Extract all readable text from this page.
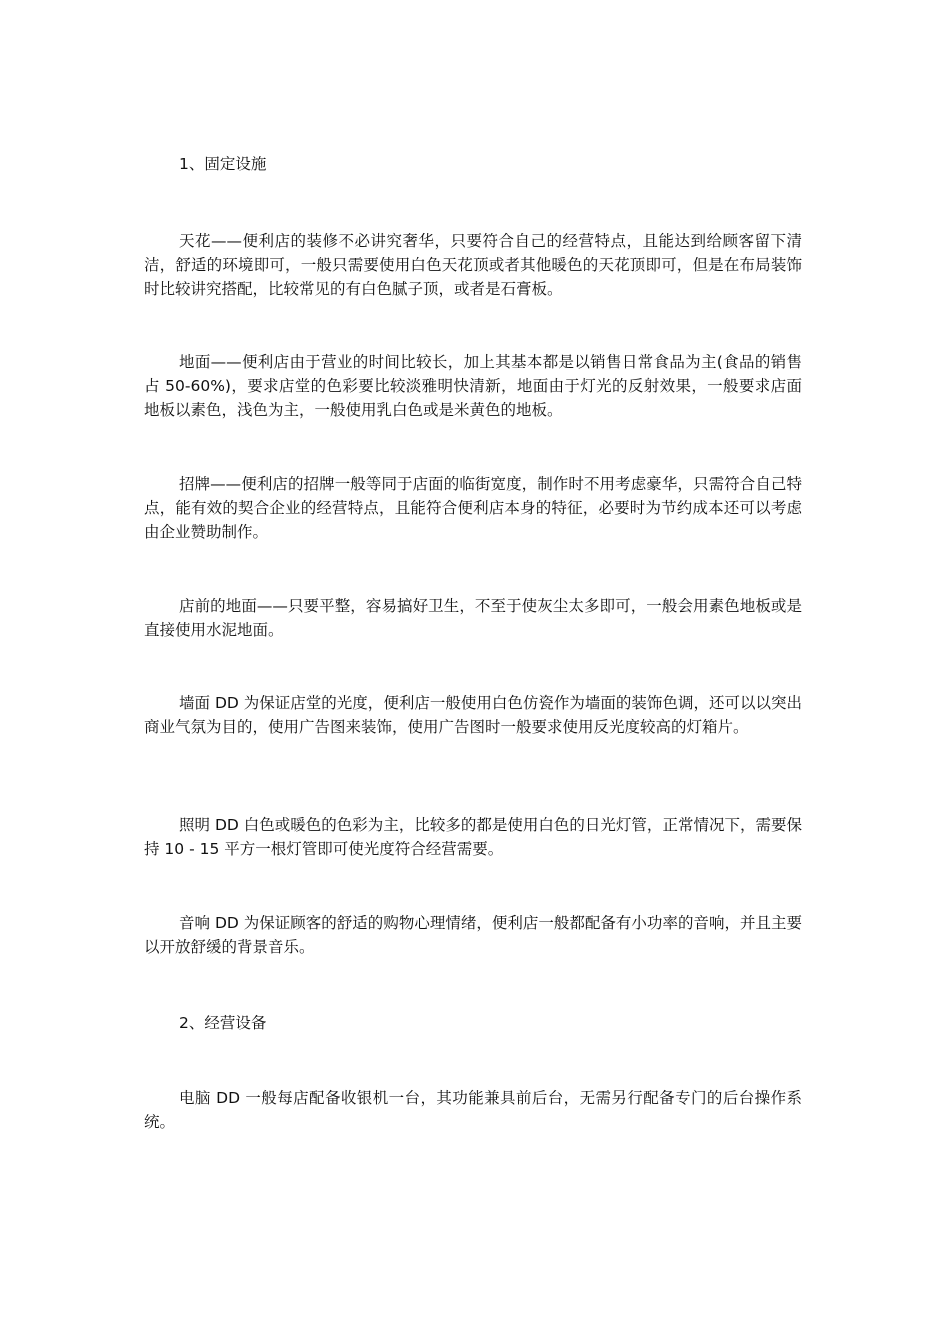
1、固定设施

天花——便利店的装修不必讲究奢华，只要符合自己的经营特点，且能达到给顾客留下清洁，舒适的环境即可，一般只需要使用白色天花顶或者其他暖色的天花顶即可，但是在布局装饰时比较讲究搭配，比较常见的有白色腻子顶，或者是石膏板。

地面——便利店由于营业的时间比较长，加上其基本都是以销售日常食品为主(食品的销售占 50-60%)，要求店堂的色彩要比较淡雅明快清新，地面由于灯光的反射效果，一般要求店面地板以素色，浅色为主，一般使用乳白色或是米黄色的地板。

招牌——便利店的招牌一般等同于店面的临街宽度，制作时不用考虑豪华，只需符合自己特点，能有效的契合企业的经营特点，且能符合便利店本身的特征，必要时为节约成本还可以考虑由企业赞助制作。

店前的地面——只要平整，容易搞好卫生，不至于使灰尘太多即可，一般会用素色地板或是直接使用水泥地面。

墙面 DD 为保证店堂的光度，便利店一般使用白色仿瓷作为墙面的装饰色调，还可以以突出商业气氛为目的，使用广告图来装饰，使用广告图时一般要求使用反光度较高的灯箱片。

照明 DD 白色或暖色的色彩为主，比较多的都是使用白色的日光灯管，正常情况下，需要保持 10 - 15 平方一根灯管即可使光度符合经营需要。

音响 DD 为保证顾客的舒适的购物心理情绪，便利店一般都配备有小功率的音响，并且主要以开放舒缓的背景音乐。

2、经营设备

电脑 DD 一般每店配备收银机一台，其功能兼具前后台，无需另行配备专门的后台操作系统。
